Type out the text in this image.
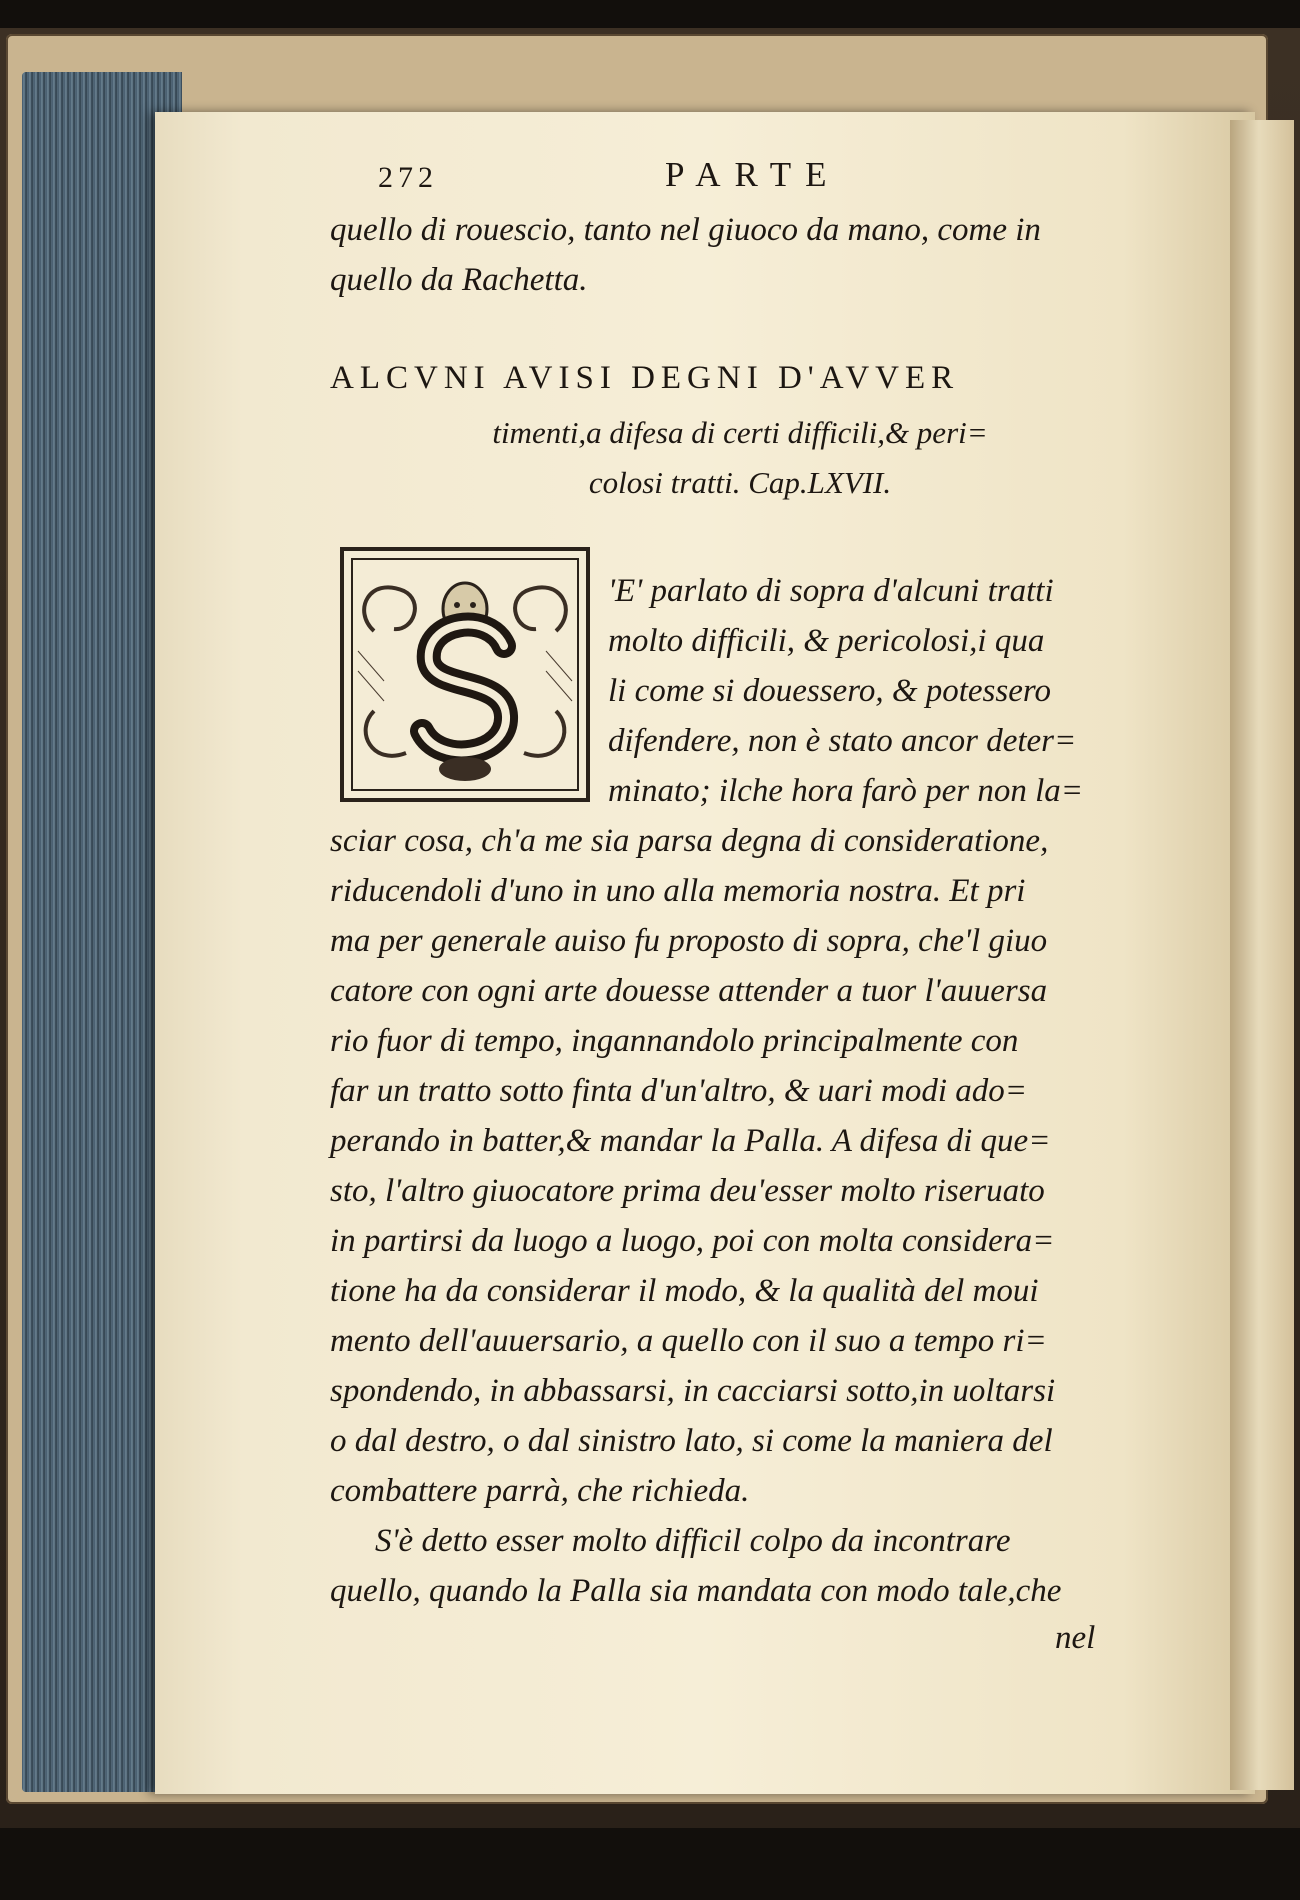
272	PARTE
quello di rouescio, tanto nel giuoco da mano, come in
quello da Rachetta.
ALCVNI AVISI DEGNI D'AVVER
timenti,a difesa di certi difficili,& peri=
colosi tratti. Cap.LXVII.
'E' parlato di sopra d'alcuni tratti
molto difficili, & pericolosi,i qua
li come si douessero, & potessero
difendere, non è stato ancor deter=
minato; ilche hora farò per non la=
sciar cosa, ch'a me sia parsa degna di consideratione,
riducendoli d'uno in uno alla memoria nostra. Et pri
ma per generale auiso fu proposto di sopra, che'l giuo
catore con ogni arte douesse attender a tuor l'auuersa
rio fuor di tempo, ingannandolo principalmente con
far un tratto sotto finta d'un'altro, & uari modi ado=
perando in batter,& mandar la Palla. A difesa di que=
sto, l'altro giuocatore prima deu'esser molto riseruato
in partirsi da luogo a luogo, poi con molta considera=
tione ha da considerar il modo, & la qualità del moui
mento dell'auuersario, a quello con il suo a tempo ri=
spondendo, in abbassarsi, in cacciarsi sotto,in uoltarsi
o dal destro, o dal sinistro lato, si come la maniera del
combattere parrà, che richieda.
S'è detto esser molto difficil colpo da incontrare
quello, quando la Palla sia mandata con modo tale,che
nel
